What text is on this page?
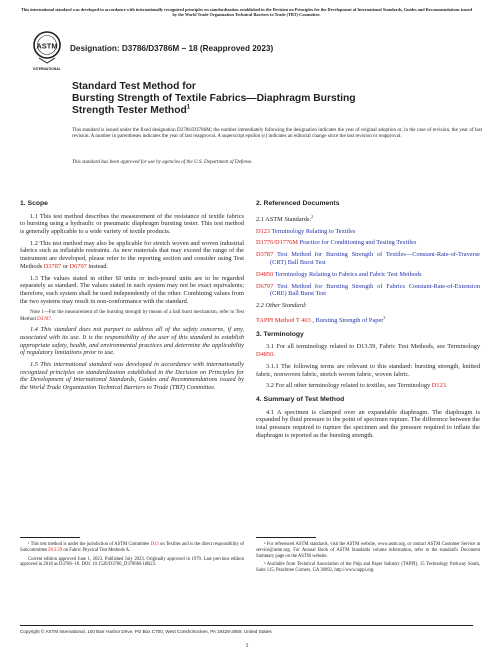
This international standard was developed in accordance with internationally recognized principles on standardization established in the Decision on Principles for the Development of International Standards, Guides and Recommendations issued by the World Trade Organization Technical Barriers to Trade (TBT) Committee.
ASTM
INTERNATIONAL
Designation: D3786/D3786M − 18 (Reapproved 2023)
Standard Test Method for
Bursting Strength of Textile Fabrics—Diaphragm Bursting
Strength Tester Method$^1$
This standard is issued under the fixed designation D3786/D3786M; the number immediately following the designation indicates the year of original adoption or, in the case of revision, the year of last revision. A number in parentheses indicates the year of last reapproval. A superscript epsilon (ε) indicates an editorial change since the last revision or reapproval.
This standard has been approved for use by agencies of the U.S. Department of Defense.
1. Scope

1.1 This test method describes the measurement of the resistance of textile fabrics to bursting using a hydraulic or pneumatic diaphragm bursting tester. This test method is generally applicable to a wide variety of textile products.

1.2 This test method may also be applicable for stretch woven and woven industrial fabrics such as inflatable restraints. As new materials that may exceed the range of the instrument are developed, please refer to the reporting section and consider using Test Methods D3787 or D6797 instead.

1.3 The values stated in either SI units or inch-pound units are to be regarded separately as standard. The values stated in each system may not be exact equivalents; therefore, each system shall be used independently of the other. Combining values from the two systems may result in non-conformance with the standard.

Note 1—For the measurement of the bursting strength by means of a ball burst mechanism, refer to Test Method D3787.

1.4 This standard does not purport to address all of the safety concerns, if any, associated with its use. It is the responsibility of the user of this standard to establish appropriate safety, health, and environmental practices and determine the applicability of regulatory limitations prior to use.

1.5 This international standard was developed in accordance with internationally recognized principles on standardization established in the Decision on Principles for the Development of International Standards, Guides and Recommendations issued by the World Trade Organization Technical Barriers to Trade (TBT) Committee.

2. Referenced Documents

2.1 ASTM Standards:$^2$

D123 Terminology Relating to Textiles

D1776/D1776M Practice for Conditioning and Testing Textiles

D3787 Test Method for Bursting Strength of Textiles—Constant-Rate-of-Traverse (CRT) Ball Burst Test

D4850 Terminology Relating to Fabrics and Fabric Test Methods

D6797 Test Method for Bursting Strength of Fabrics Constant-Rate-of-Extension (CRE) Ball Burst Test

2.2 Other Standard:

TAPPI Method T 403 , Bursting Strength of Paper$^3$

3. Terminology

3.1 For all terminology related to D13.59, Fabric Test Methods, see Terminology D4850.

3.1.1 The following terms are relevant to this standard: bursting strength, knitted fabric, nonwoven fabric, stretch woven fabric, woven fabric.

3.2 For all other terminology related to textiles, see Terminology D123.

4. Summary of Test Method

4.1 A specimen is clamped over an expandable diaphragm. The diaphragm is expanded by fluid pressure to the point of specimen rupture. The difference between the total pressure required to rupture the specimen and the pressure required to inflate the diaphragm is reported as the bursting strength.

¹ This test method is under the jurisdiction of ASTM Committee D13 on Textiles and is the direct responsibility of Subcommittee D13.59 on Fabric Physical Test Methods A.

Current edition approved June 1, 2023. Published July 2023. Originally approved in 1979. Last previous edition approved in 2018 as D3786−18. DOI: 10.1520/D3786_D3786M-18R23.

² For referenced ASTM standards, visit the ASTM website, www.astm.org, or contact ASTM Customer Service at service@astm.org. For Annual Book of ASTM Standards volume information, refer to the standard's Document Summary page on the ASTM website.

³ Available from Technical Association of the Pulp and Paper Industry (TAPPI), 15 Technology Parkway South, Suite 115, Peachtree Corners, GA 30092, http://www.tappi.org.

Copyright © ASTM International, 100 Barr Harbor Drive, PO Box C700, West Conshohocken, PA 19428-2959. United States
1
